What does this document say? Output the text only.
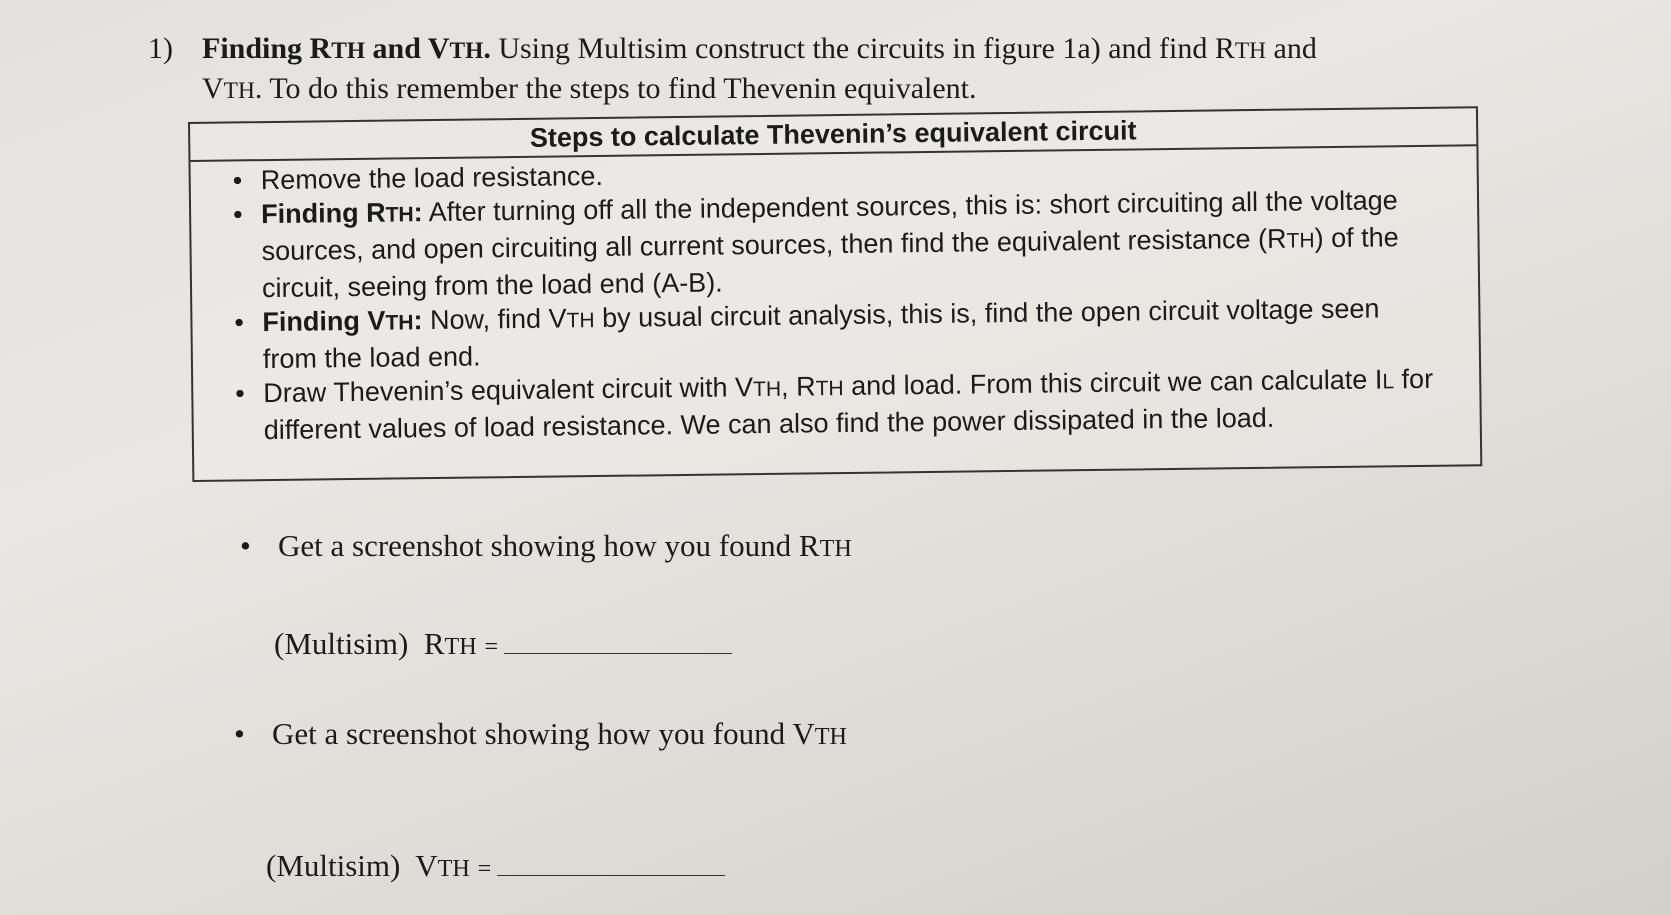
1) Finding RTH and VTH. Using Multisim construct the circuits in figure 1a) and find RTH and
VTH. To do this remember the steps to find Thevenin equivalent.
Steps to calculate Thevenin’s equivalent circuit
• Remove the load resistance.
• Finding RTH: After turning off all the independent sources, this is: short circuiting all the voltage sources, and open circuiting all current sources, then find the equivalent resistance (RTH) of the circuit, seeing from the load end (A-B).
• Finding VTH: Now, find VTH by usual circuit analysis, this is, find the open circuit voltage seen from the load end.
• Draw Thevenin’s equivalent circuit with VTH, RTH and load. From this circuit we can calculate IL for different values of load resistance. We can also find the power dissipated in the load.
• Get a screenshot showing how you found RTH
(Multisim)  RTH =
• Get a screenshot showing how you found VTH
(Multisim)  VTH =
